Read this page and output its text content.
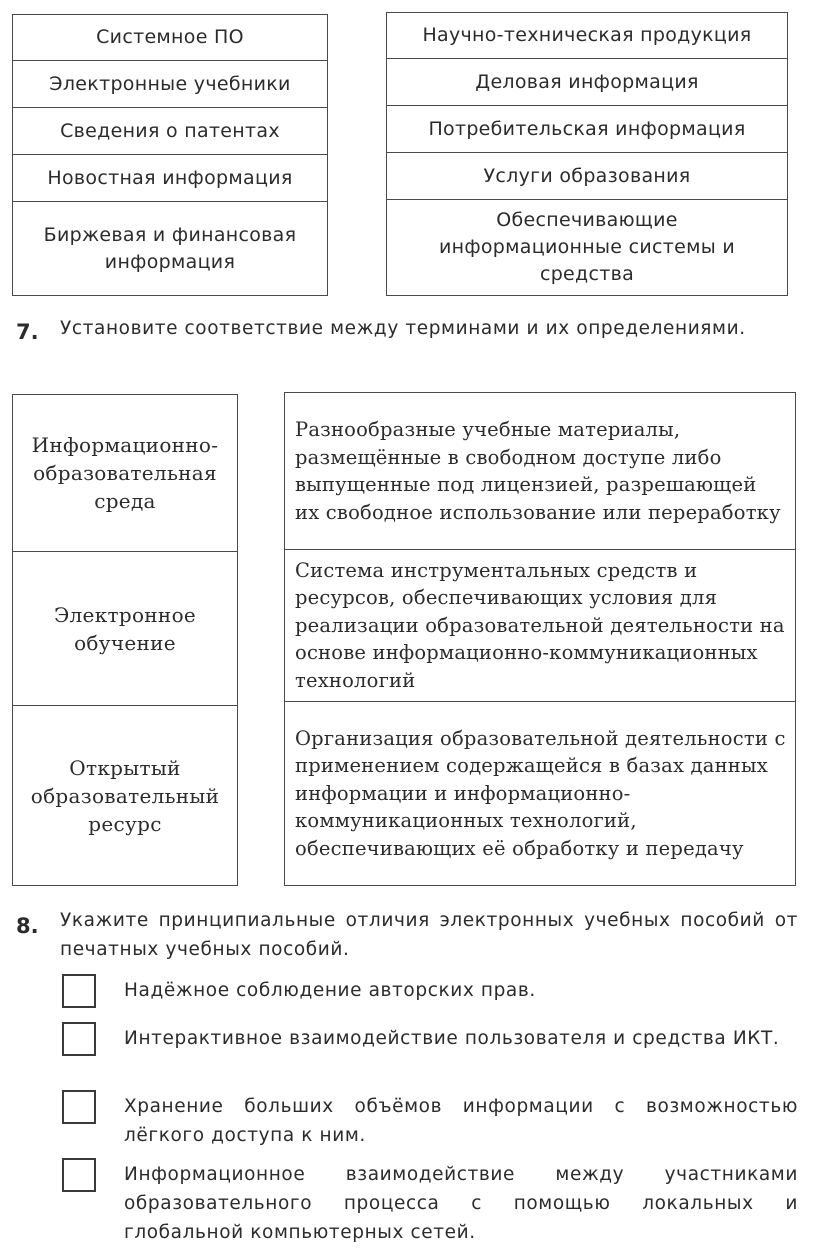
Системное ПО
Электронные учебники
Сведения о патентах
Новостная информация
Биржевая и финансовая информация
Научно-техническая продукция
Деловая информация
Потребительская информация
Услуги образования
Обеспечивающие информационные системы и средства
7. Установите соответствие между терминами и их определениями.
Информационно-образовательная среда
Электронное обучение
Открытый образовательный ресурс
Разнообразные учебные материалы, размещённые в свободном доступе либо выпущенные под лицензией, разрешающей их свободное использование или переработку
Система инструментальных средств и ресурсов, обеспечивающих условия для реализации образовательной деятельности на основе информационно-коммуникационных технологий
Организация образовательной деятельности с применением содержащейся в базах данных информации и информационно-коммуникационных технологий, обеспечивающих её обработку и передачу
8. Укажите принципиальные отличия электронных учебных пособий от печатных учебных пособий.
Надёжное соблюдение авторских прав.
Интерактивное взаимодействие пользователя и средства ИКТ.
Хранение больших объёмов информации с возможностью лёгкого доступа к ним.
Информационное взаимодействие между участниками образовательного процесса с помощью локальных и глобальной компьютерных сетей.
